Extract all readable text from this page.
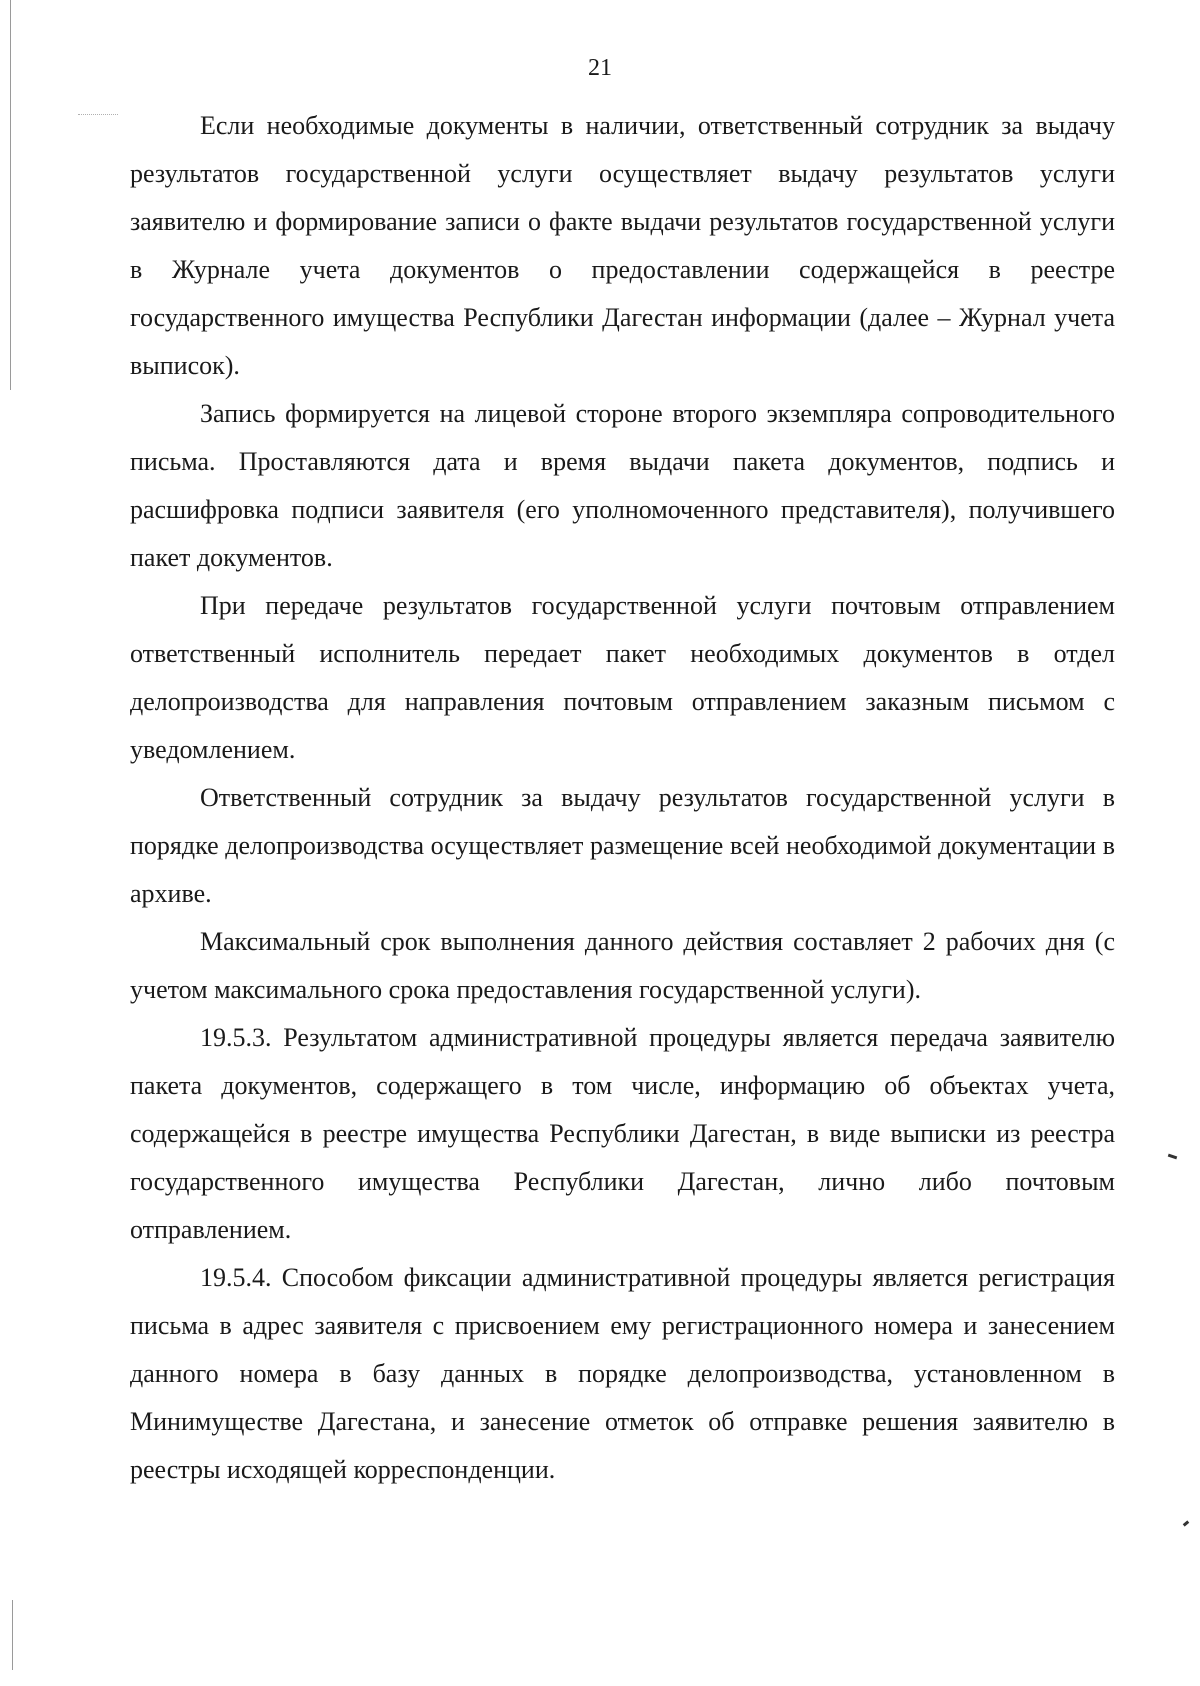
21

Если необходимые документы в наличии, ответственный сотрудник за выдачу результатов государственной услуги осуществляет выдачу результатов услуги заявителю и формирование записи о факте выдачи результатов государственной услуги в Журнале учета документов о предоставлении содержащейся в реестре государственного имущества Республики Дагестан информации (далее – Журнал учета выписок).

Запись формируется на лицевой стороне второго экземпляра сопроводительного письма. Проставляются дата и время выдачи пакета документов, подпись и расшифровка подписи заявителя (его уполномоченного представителя), получившего пакет документов.

При передаче результатов государственной услуги почтовым отправлением ответственный исполнитель передает пакет необходимых документов в отдел делопроизводства для направления почтовым отправлением заказным письмом с уведомлением.

Ответственный сотрудник за выдачу результатов государственной услуги в порядке делопроизводства осуществляет размещение всей необходимой документации в архиве.

Максимальный срок выполнения данного действия составляет 2 рабочих дня (с учетом максимального срока предоставления государственной услуги).

19.5.3. Результатом административной процедуры является передача заявителю пакета документов, содержащего в том числе, информацию об объектах учета, содержащейся в реестре имущества Республики Дагестан, в виде выписки из реестра государственного имущества Республики Дагестан, лично либо почтовым отправлением.

19.5.4. Способом фиксации административной процедуры является регистрация письма в адрес заявителя с присвоением ему регистрационного номера и занесением данного номера в базу данных в порядке делопроизводства, установленном в Минимуществе Дагестана, и занесение отметок об отправке решения заявителю в реестры исходящей корреспонденции.
